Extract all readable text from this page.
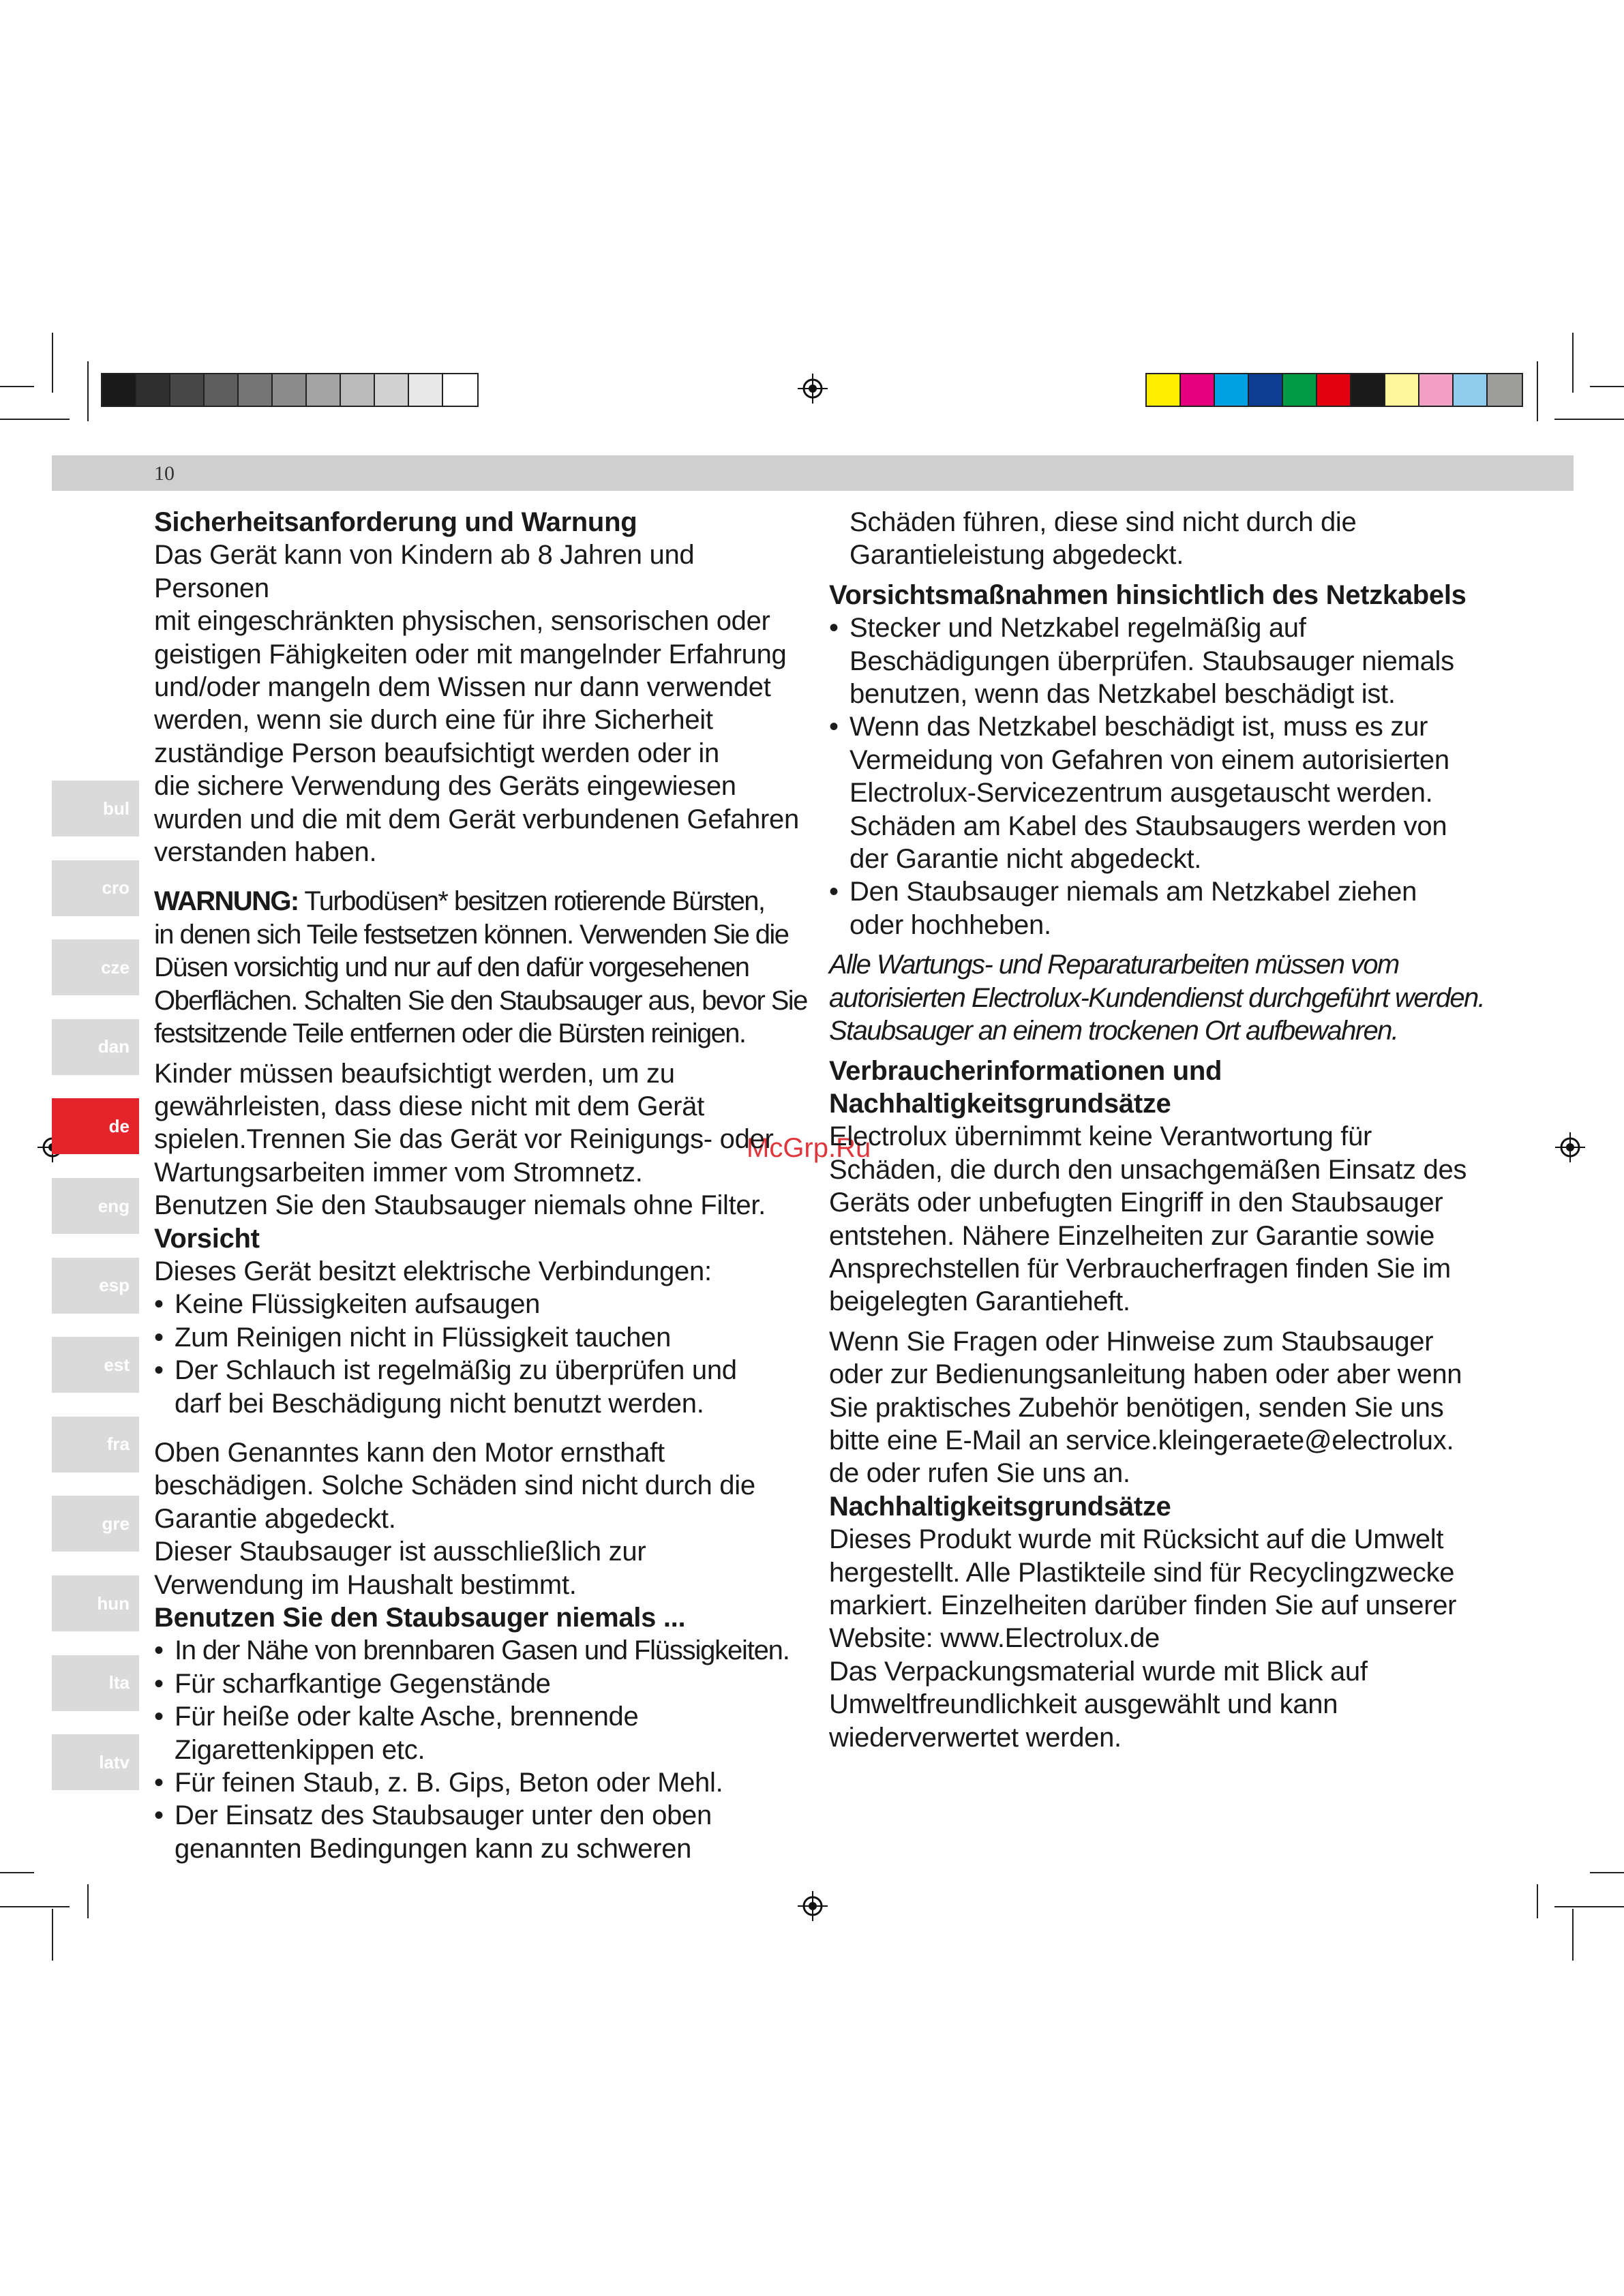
10
bul
cro
cze
dan
de
eng
esp
est
fra
gre
hun
lta
latv
McGrp.Ru

Sicherheitsanforderung und Warnung

Das Gerät kann von Kindern ab 8 Jahren und Personen

mit eingeschränkten physischen, sensorischen oder

geistigen Fähigkeiten oder mit mangelnder Erfahrung

und/oder mangeln dem Wissen nur dann verwendet

werden, wenn sie durch eine für ihre Sicherheit

zuständige Person beaufsichtigt werden oder in

die sichere Verwendung des Geräts eingewiesen

wurden und die mit dem Gerät verbundenen Gefahren

verstanden haben.

WARNUNG: Turbodüsen* besitzen rotierende Bürsten,

in denen sich Teile festsetzen können. Verwenden Sie die

Düsen vorsichtig und nur auf den dafür vorgesehenen

Oberflächen. Schalten Sie den Staubsauger aus, bevor Sie

festsitzende Teile entfernen oder die Bürsten reinigen.

Kinder müssen beaufsichtigt werden, um zu

gewährleisten, dass diese nicht mit dem Gerät

spielen.Trennen Sie das Gerät vor Reinigungs- oder

Wartungsarbeiten immer vom Stromnetz.

Benutzen Sie den Staubsauger niemals ohne Filter.

Vorsicht

Dieses Gerät besitzt elektrische Verbindungen:

• Keine Flüssigkeiten aufsaugen

• Zum Reinigen nicht in Flüssigkeit tauchen

• Der Schlauch ist regelmäßig zu überprüfen und

darf bei Beschädigung nicht benutzt werden.

Oben Genanntes kann den Motor ernsthaft

beschädigen. Solche Schäden sind nicht durch die

Garantie abgedeckt.

Dieser Staubsauger ist ausschließlich zur

Verwendung im Haushalt bestimmt.

Benutzen Sie den Staubsauger niemals ...

• In der Nähe von brennbaren Gasen und Flüssigkeiten.

• Für scharfkantige Gegenstände

• Für heiße oder kalte Asche, brennende

Zigarettenkippen etc.

• Für feinen Staub, z. B. Gips, Beton oder Mehl.

• Der Einsatz des Staubsauger unter den oben

genannten Bedingungen kann zu schweren

Schäden führen, diese sind nicht durch die

Garantieleistung abgedeckt.

Vorsichtsmaßnahmen hinsichtlich des Netzkabels

• Stecker und Netzkabel regelmäßig auf

Beschädigungen überprüfen. Staubsauger niemals

benutzen, wenn das Netzkabel beschädigt ist.

• Wenn das Netzkabel beschädigt ist, muss es zur

Vermeidung von Gefahren von einem autorisierten

Electrolux-Servicezentrum ausgetauscht werden.

Schäden am Kabel des Staubsaugers werden von

der Garantie nicht abgedeckt.

• Den Staubsauger niemals am Netzkabel ziehen

oder hochheben.

Alle Wartungs- und Reparaturarbeiten müssen vom

autorisierten Electrolux-Kundendienst durchgeführt werden.

Staubsauger an einem trockenen Ort aufbewahren.

Verbraucherinformationen und

Nachhaltigkeitsgrundsätze

Electrolux übernimmt keine Verantwortung für

Schäden, die durch den unsachgemäßen Einsatz des

Geräts oder unbefugten Eingriff in den Staubsauger

entstehen. Nähere Einzelheiten zur Garantie sowie

Ansprechstellen für Verbraucherfragen finden Sie im

beigelegten Garantieheft.

Wenn Sie Fragen oder Hinweise zum Staubsauger

oder zur Bedienungsanleitung haben oder aber wenn

Sie praktisches Zubehör benötigen, senden Sie uns

bitte eine E-Mail an service.kleingeraete@electrolux.

de oder rufen Sie uns an.

Nachhaltigkeitsgrundsätze

Dieses Produkt wurde mit Rücksicht auf die Umwelt

hergestellt. Alle Plastikteile sind für Recyclingzwecke

markiert. Einzelheiten darüber finden Sie auf unserer

Website: www.Electrolux.de

Das Verpackungsmaterial wurde mit Blick auf

Umweltfreundlichkeit ausgewählt und kann

wiederverwertet werden.
